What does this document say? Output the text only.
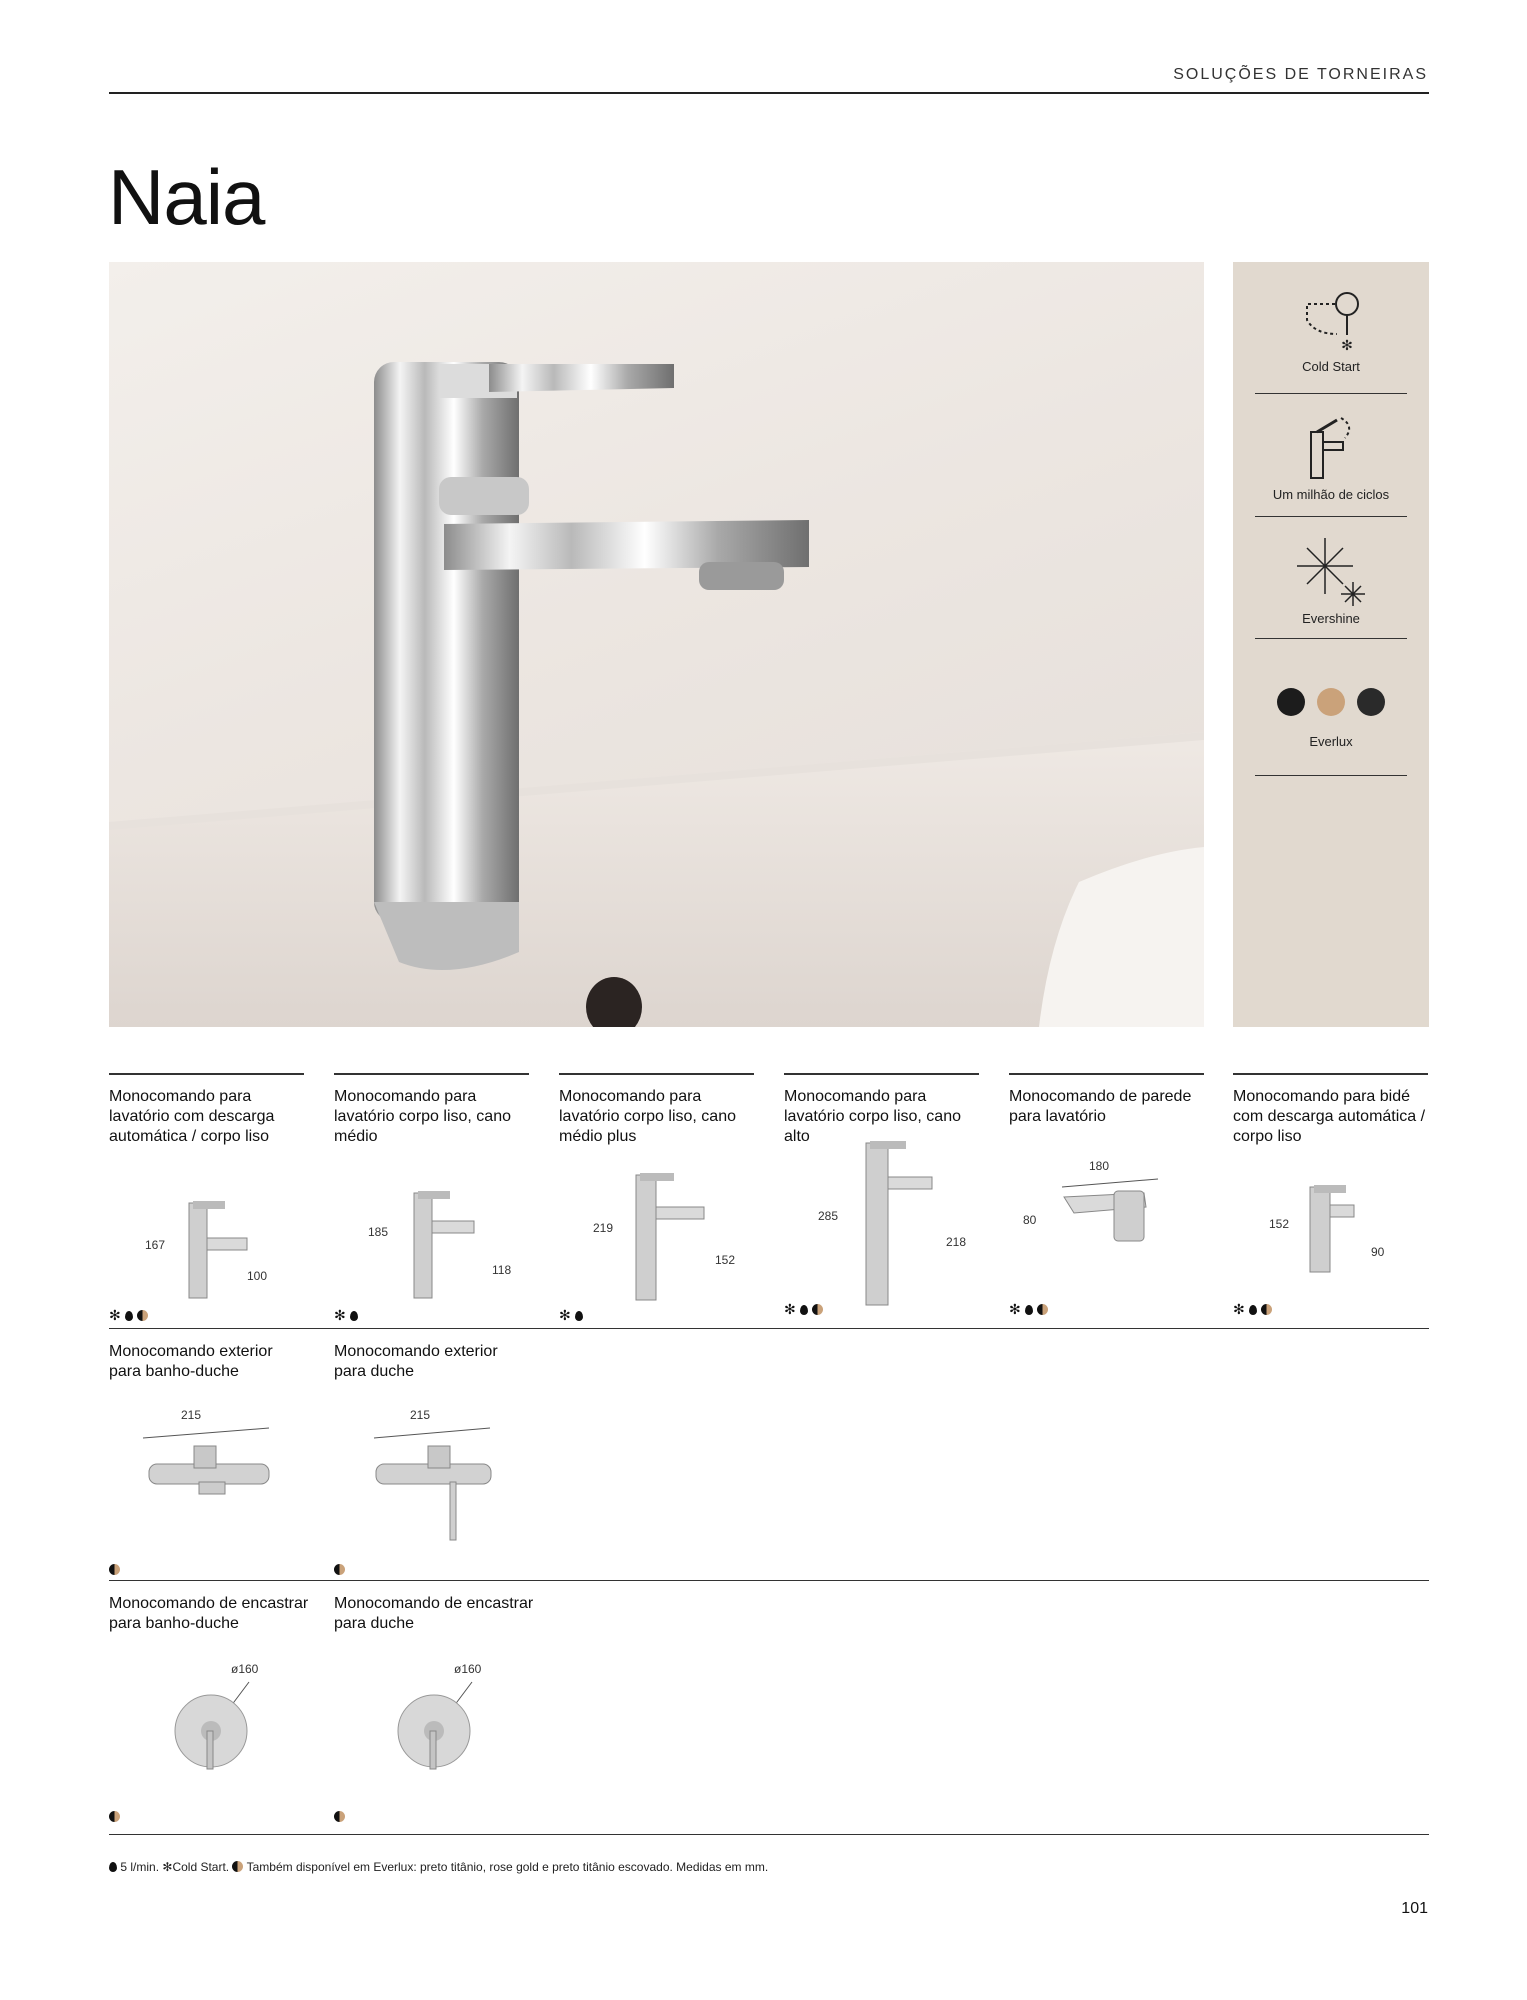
SOLUÇÕES DE TORNEIRAS
Naia
✻
Cold Start
Um milhão de ciclos
Evershine
Everlux
Monocomando para lavatório com descarga automática / corpo liso
167
100
✻
Monocomando para lavatório corpo liso, cano médio
185
118
✻
Monocomando para lavatório corpo liso, cano médio plus
219
152
✻
Monocomando para lavatório corpo liso, cano alto
285
218
✻
Monocomando de parede para lavatório
180
80
✻
Monocomando para bidé com descarga automática / corpo liso
152
90
✻
Monocomando exterior para banho-duche
215
Monocomando exterior para duche
215
Monocomando de encastrar para banho-duche
ø160
Monocomando de encastrar para duche
ø160
5 l/min. ✻Cold Start. Também disponível em Everlux: preto titânio, rose gold e preto titânio escovado. Medidas em mm.
101
